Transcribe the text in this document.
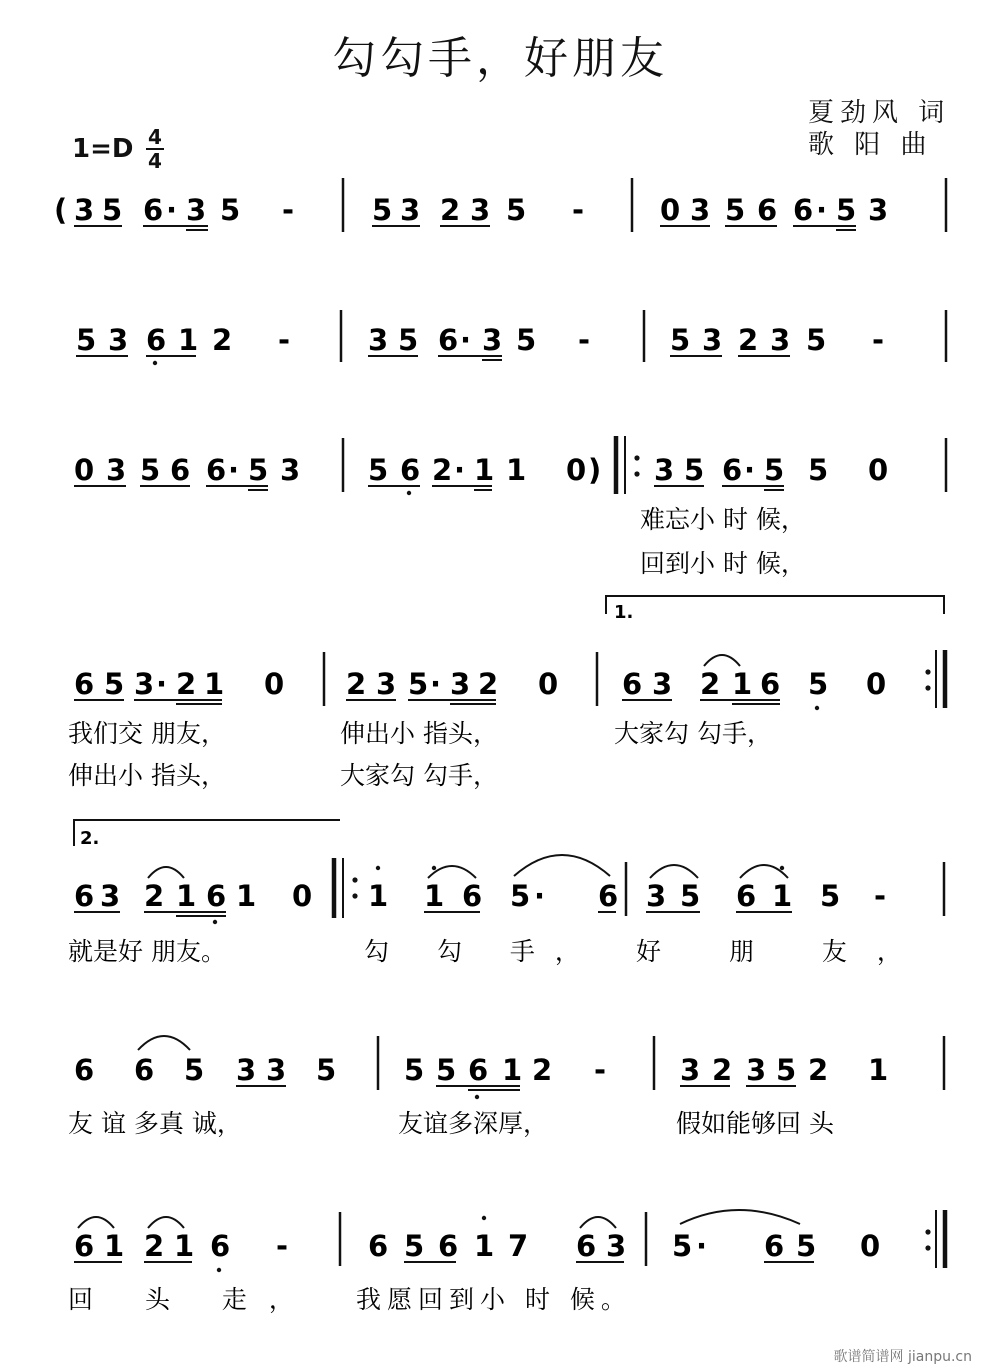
勾勾手，好朋友
夏劲风 词
歌 阳 曲
1=D 4
4
( 3 5 6 · 3 5 -	5 3 2 3 5 -	0 3 5 6 6 · 5 3
5 3 6 1 2 -	3 5 6 · 3 5 -	5 3 2 3 5 -
0 3 5 6 6 · 5 3 5 6 2 · 1 1 0 ) 3 5 6 · 5 5 0
难忘小 时 候，
回到小 时 候，
1.
6 5 3 · 2 1 0 2 3 5 · 3 2 0 6 3 2 1 6 5 0
我们交 朋友，	伸出小 指头，	大家勾 勾手，
伸出小 指头，	大家勾 勾手，
2.
6 3 2 1 6 1 0 1 1 6 5 · 6 3 5 6 1 5 -
就是好 朋友。	勾 勾 手， 好 朋 友，
6 6 5 3 3 5 5 5 6 1 2 -	3 2 3 5 2 1
友 谊 多真 诚，	友谊多深厚，	假如能够回 头
6 1 2 1 6 -	6 5 6 1 7 6 3 5 · 6 5 0
回 头 走， 我愿回到小 时 候。
歌谱简谱网 jianpu.cn
